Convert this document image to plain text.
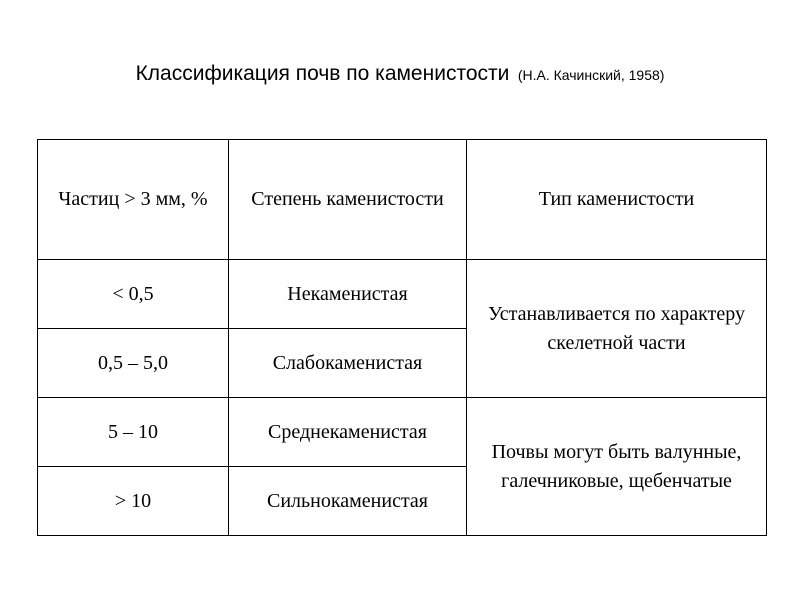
Классификация почв по каменистости (Н.А. Качинский, 1958)
Частиц > 3 мм, %	Степень каменистости	Тип каменистости
< 0,5	Некаменистая	Устанавливается по характеру скелетной части
0,5 – 5,0	Слабокаменистая	
5 – 10	Среднекаменистая	Почвы могут быть валунные, галечниковые, щебенчатые
> 10	Сильнокаменистая	
